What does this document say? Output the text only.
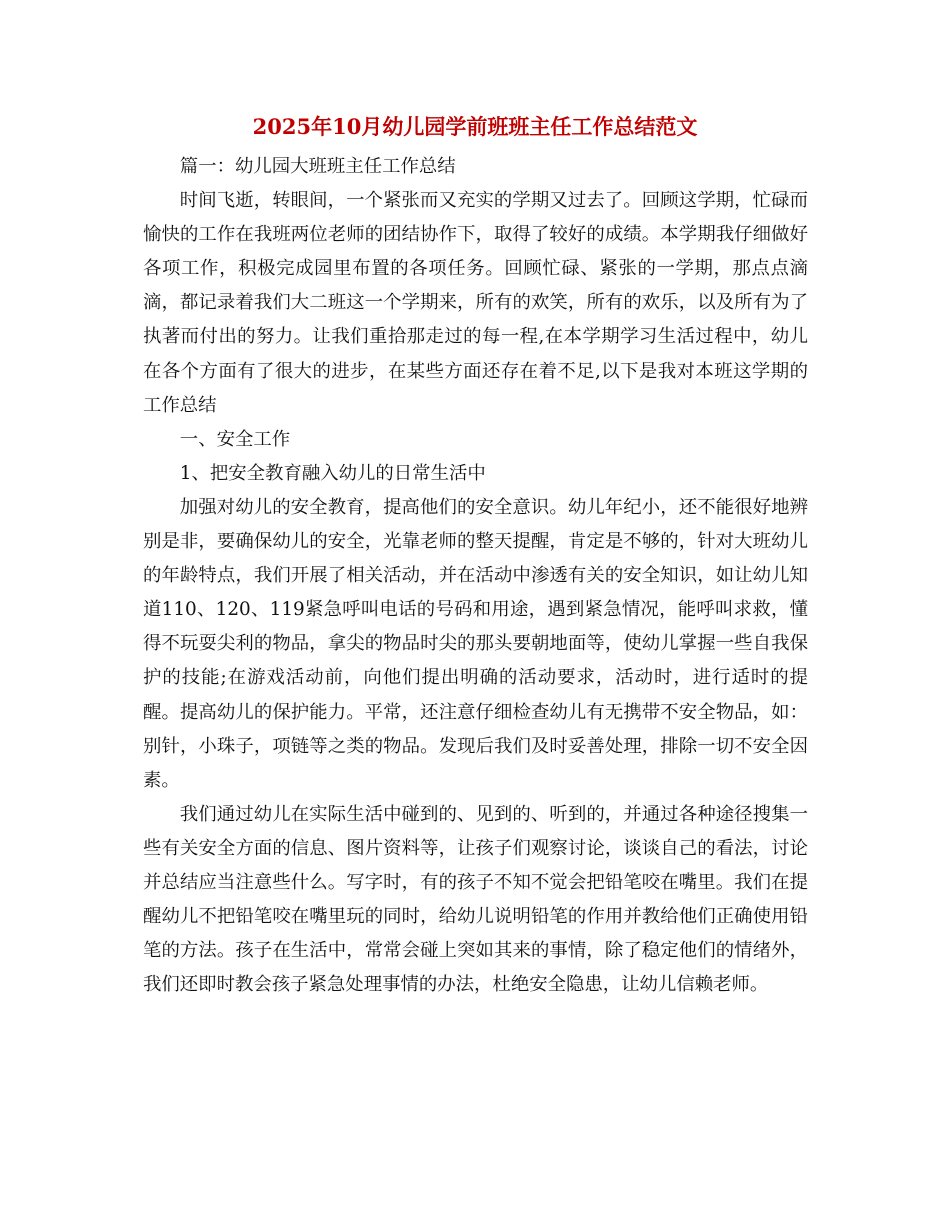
2025年10月幼儿园学前班班主任工作总结范文

篇一：幼儿园大班班主任工作总结

时间飞逝，转眼间，一个紧张而又充实的学期又过去了。回顾这学期，忙碌而愉快的工作在我班两位老师的团结协作下，取得了较好的成绩。本学期我仔细做好各项工作，积极完成园里布置的各项任务。回顾忙碌、紧张的一学期，那点点滴滴，都记录着我们大二班这一个学期来，所有的欢笑，所有的欢乐，以及所有为了执著而付出的努力。让我们重拾那走过的每一程,在本学期学习生活过程中，幼儿在各个方面有了很大的进步，在某些方面还存在着不足,以下是我对本班这学期的工作总结

一、安全工作

1、把安全教育融入幼儿的日常生活中

加强对幼儿的安全教育，提高他们的安全意识。幼儿年纪小，还不能很好地辨别是非，要确保幼儿的安全，光靠老师的整天提醒，肯定是不够的，针对大班幼儿的年龄特点，我们开展了相关活动，并在活动中渗透有关的安全知识，如让幼儿知道110、120、119紧急呼叫电话的号码和用途，遇到紧急情况，能呼叫求救，懂得不玩耍尖利的物品，拿尖的物品时尖的那头要朝地面等，使幼儿掌握一些自我保护的技能;在游戏活动前，向他们提出明确的活动要求，活动时，进行适时的提醒。提高幼儿的保护能力。平常，还注意仔细检查幼儿有无携带不安全物品，如：别针，小珠子，项链等之类的物品。发现后我们及时妥善处理，排除一切不安全因素。

我们通过幼儿在实际生活中碰到的、见到的、听到的，并通过各种途径搜集一些有关安全方面的信息、图片资料等，让孩子们观察讨论，谈谈自己的看法，讨论并总结应当注意些什么。写字时，有的孩子不知不觉会把铅笔咬在嘴里。我们在提醒幼儿不把铅笔咬在嘴里玩的同时，给幼儿说明铅笔的作用并教给他们正确使用铅笔的方法。孩子在生活中，常常会碰上突如其来的事情，除了稳定他们的情绪外，我们还即时教会孩子紧急处理事情的办法，杜绝安全隐患，让幼儿信赖老师。
